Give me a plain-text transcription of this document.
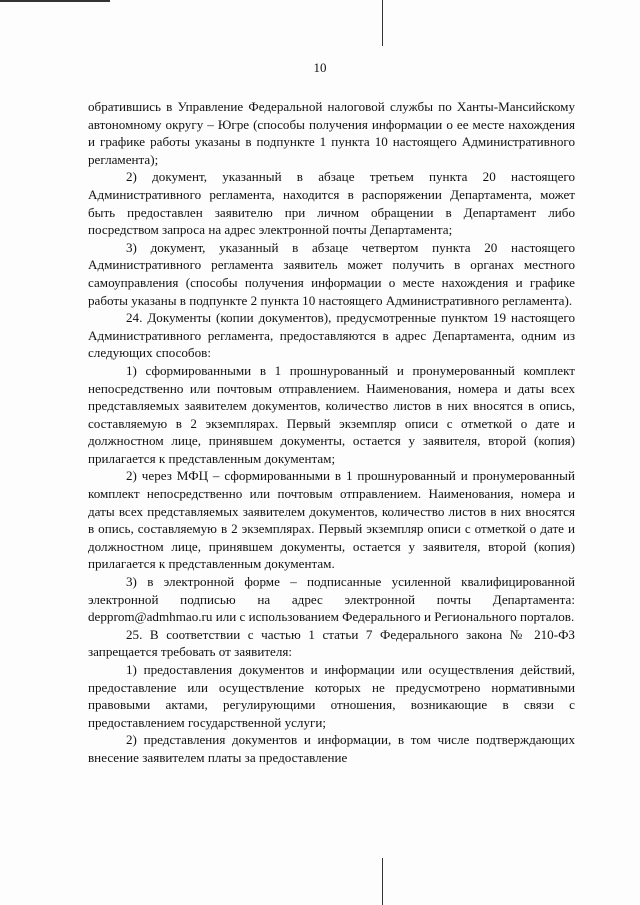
10

обратившись в Управление Федеральной налоговой службы по Ханты-Мансийскому автономному округу – Югре (способы получения информации о ее месте нахождения и графике работы указаны в подпункте 1 пункта 10 настоящего Административного регламента);

2) документ, указанный в абзаце третьем пункта 20 настоящего Административного регламента, находится в распоряжении Департамента, может быть предоставлен заявителю при личном обращении в Департамент либо посредством запроса на адрес электронной почты Департамента;

3) документ, указанный в абзаце четвертом пункта 20 настоящего Административного регламента заявитель может получить в органах местного самоуправления (способы получения информации о месте нахождения и графике работы указаны в подпункте 2 пункта 10 настоящего Административного регламента).

24. Документы (копии документов), предусмотренные пунктом 19 настоящего Административного регламента, предоставляются в адрес Департамента, одним из следующих способов:

1) сформированными в 1 прошнурованный и пронумерованный комплект непосредственно или почтовым отправлением. Наименования, номера и даты всех представляемых заявителем документов, количество листов в них вносятся в опись, составляемую в 2 экземплярах. Первый экземпляр описи с отметкой о дате и должностном лице, принявшем документы, остается у заявителя, второй (копия) прилагается к представленным документам;

2) через МФЦ – сформированными в 1 прошнурованный и пронумерованный комплект непосредственно или почтовым отправлением. Наименования, номера и даты всех представляемых заявителем документов, количество листов в них вносятся в опись, составляемую в 2 экземплярах. Первый экземпляр описи с отметкой о дате и должностном лице, принявшем документы, остается у заявителя, второй (копия) прилагается к представленным документам.

3) в электронной форме – подписанные усиленной квалифицированной электронной подписью на адрес электронной почты Департамента: depprom@admhmao.ru или с использованием Федерального и Регионального порталов.

25. В соответствии с частью 1 статьи 7 Федерального закона № 210-ФЗ запрещается требовать от заявителя:

1) предоставления документов и информации или осуществления действий, предоставление или осуществление которых не предусмотрено нормативными правовыми актами, регулирующими отношения, возникающие в связи с предоставлением государственной услуги;

2) представления документов и информации, в том числе подтверждающих внесение заявителем платы за предоставление
